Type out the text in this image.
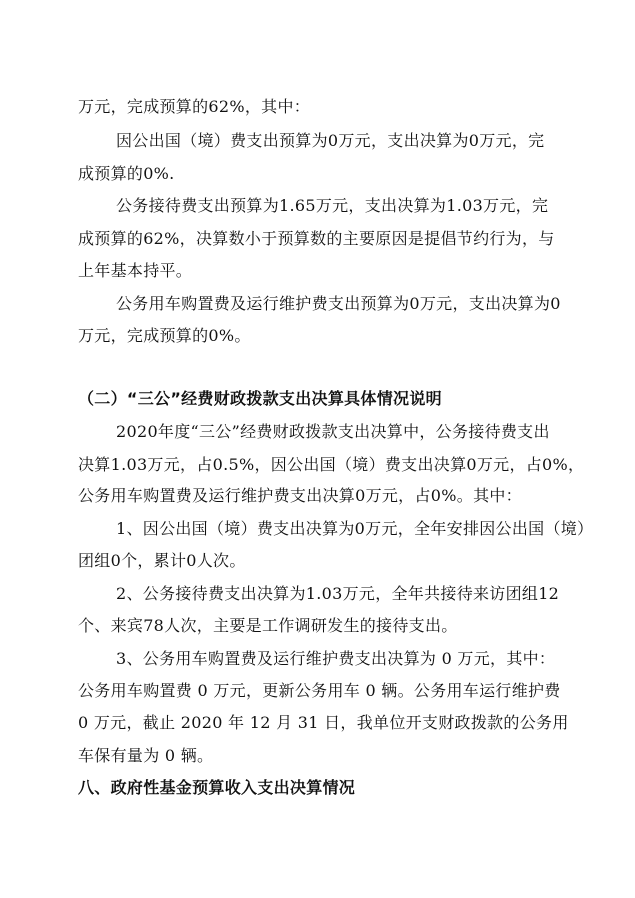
万元，完成预算的62%，其中：
因公出国（境）费支出预算为0万元，支出决算为0万元，完
成预算的0%.
公务接待费支出预算为1.65万元，支出决算为1.03万元，完
成预算的62%，决算数小于预算数的主要原因是提倡节约行为，与
上年基本持平。
公务用车购置费及运行维护费支出预算为0万元，支出决算为0
万元，完成预算的0%。
（二）“三公”经费财政拨款支出决算具体情况说明
2020年度“三公”经费财政拨款支出决算中，公务接待费支出
决算1.03万元，占0.5%，因公出国（境）费支出决算0万元，占0%，
公务用车购置费及运行维护费支出决算0万元，占0%。其中：
1、因公出国（境）费支出决算为0万元，全年安排因公出国（境）
团组0个，累计0人次。
2、公务接待费支出决算为1.03万元，全年共接待来访团组12
个、来宾78人次，主要是工作调研发生的接待支出。
3、公务用车购置费及运行维护费支出决算为 0 万元，其中：
公务用车购置费 0 万元，更新公务用车 0 辆。公务用车运行维护费
0 万元，截止 2020 年 12 月 31 日，我单位开支财政拨款的公务用
车保有量为 0 辆。
八、政府性基金预算收入支出决算情况
